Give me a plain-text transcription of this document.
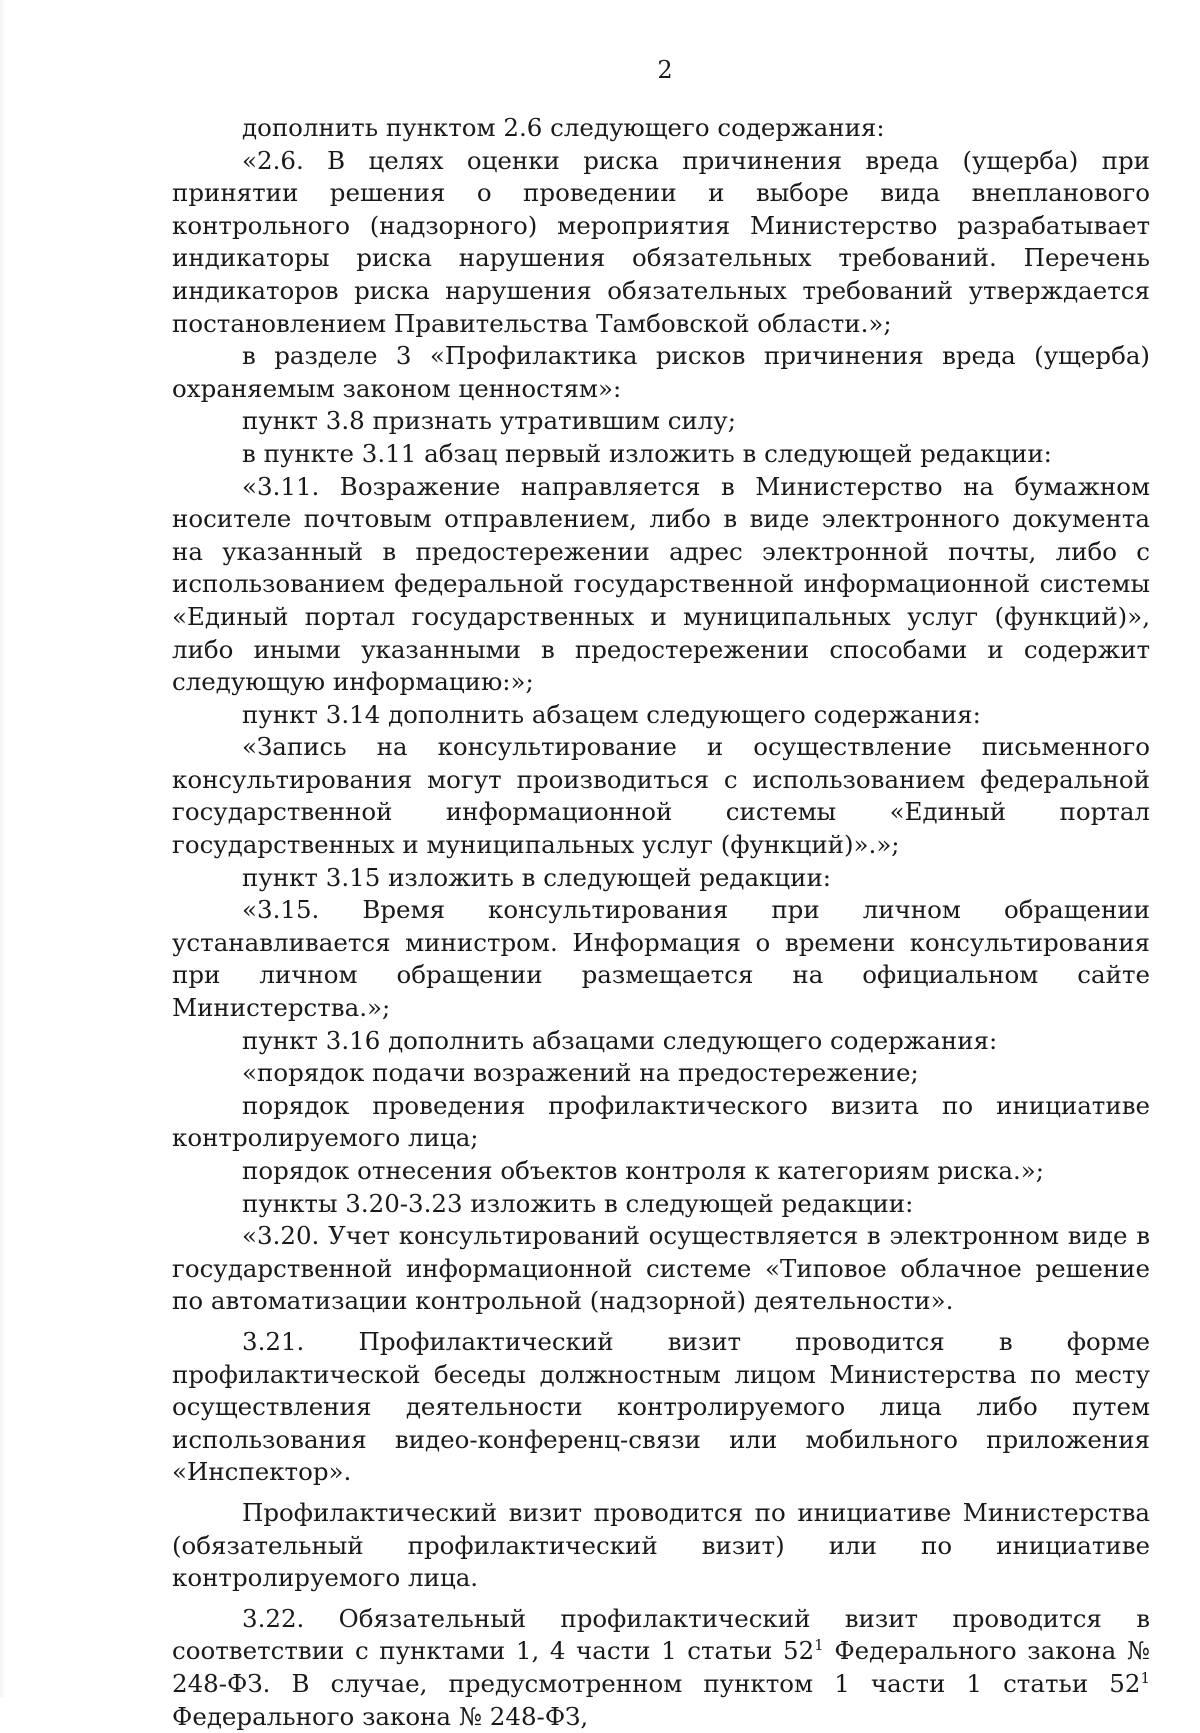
2

дополнить пунктом 2.6 следующего содержания:

«2.6. В целях оценки риска причинения вреда (ущерба) при принятии решения о проведении и выборе вида внепланового контрольного (надзорного) мероприятия Министерство разрабатывает индикаторы риска нарушения обязательных требований. Перечень индикаторов риска нарушения обязательных требований утверждается постановлением Правительства Тамбовской области.»;

в разделе 3 «Профилактика рисков причинения вреда (ущерба) охраняемым законом ценностям»:

пункт 3.8 признать утратившим силу;

в пункте 3.11 абзац первый изложить в следующей редакции:

«3.11. Возражение направляется в Министерство на бумажном носителе почтовым отправлением, либо в виде электронного документа на указанный в предостережении адрес электронной почты, либо с использованием федеральной государственной информационной системы «Единый портал государственных и муниципальных услуг (функций)», либо иными указанными в предостережении способами и содержит следующую информацию:»;

пункт 3.14 дополнить абзацем следующего содержания:

«Запись на консультирование и осуществление письменного консультирования могут производиться с использованием федеральной государственной информационной системы «Единый портал государственных и муниципальных услуг (функций)».»;

пункт 3.15 изложить в следующей редакции:

«3.15. Время консультирования при личном обращении устанавливается министром. Информация о времени консультирования при личном обращении размещается на официальном сайте Министерства.»;

пункт 3.16 дополнить абзацами следующего содержания:

«порядок подачи возражений на предостережение;

порядок проведения профилактического визита по инициативе контролируемого лица;

порядок отнесения объектов контроля к категориям риска.»;

пункты 3.20-3.23 изложить в следующей редакции:

«3.20. Учет консультирований осуществляется в электронном виде в государственной информационной системе «Типовое облачное решение по автоматизации контрольной (надзорной) деятельности».

3.21. Профилактический визит проводится в форме профилактической беседы должностным лицом Министерства по месту осуществления деятельности контролируемого лица либо путем использования видео-конференц-связи или мобильного приложения «Инспектор».

Профилактический визит проводится по инициативе Министерства (обязательный профилактический визит) или по инициативе контролируемого лица.

3.22. Обязательный профилактический визит проводится в соответствии с пунктами 1, 4 части 1 статьи $52^1$ Федерального закона № 248-ФЗ. В случае, предусмотренном пунктом 1 части 1 статьи $52^1$ Федерального закона № 248-ФЗ,
